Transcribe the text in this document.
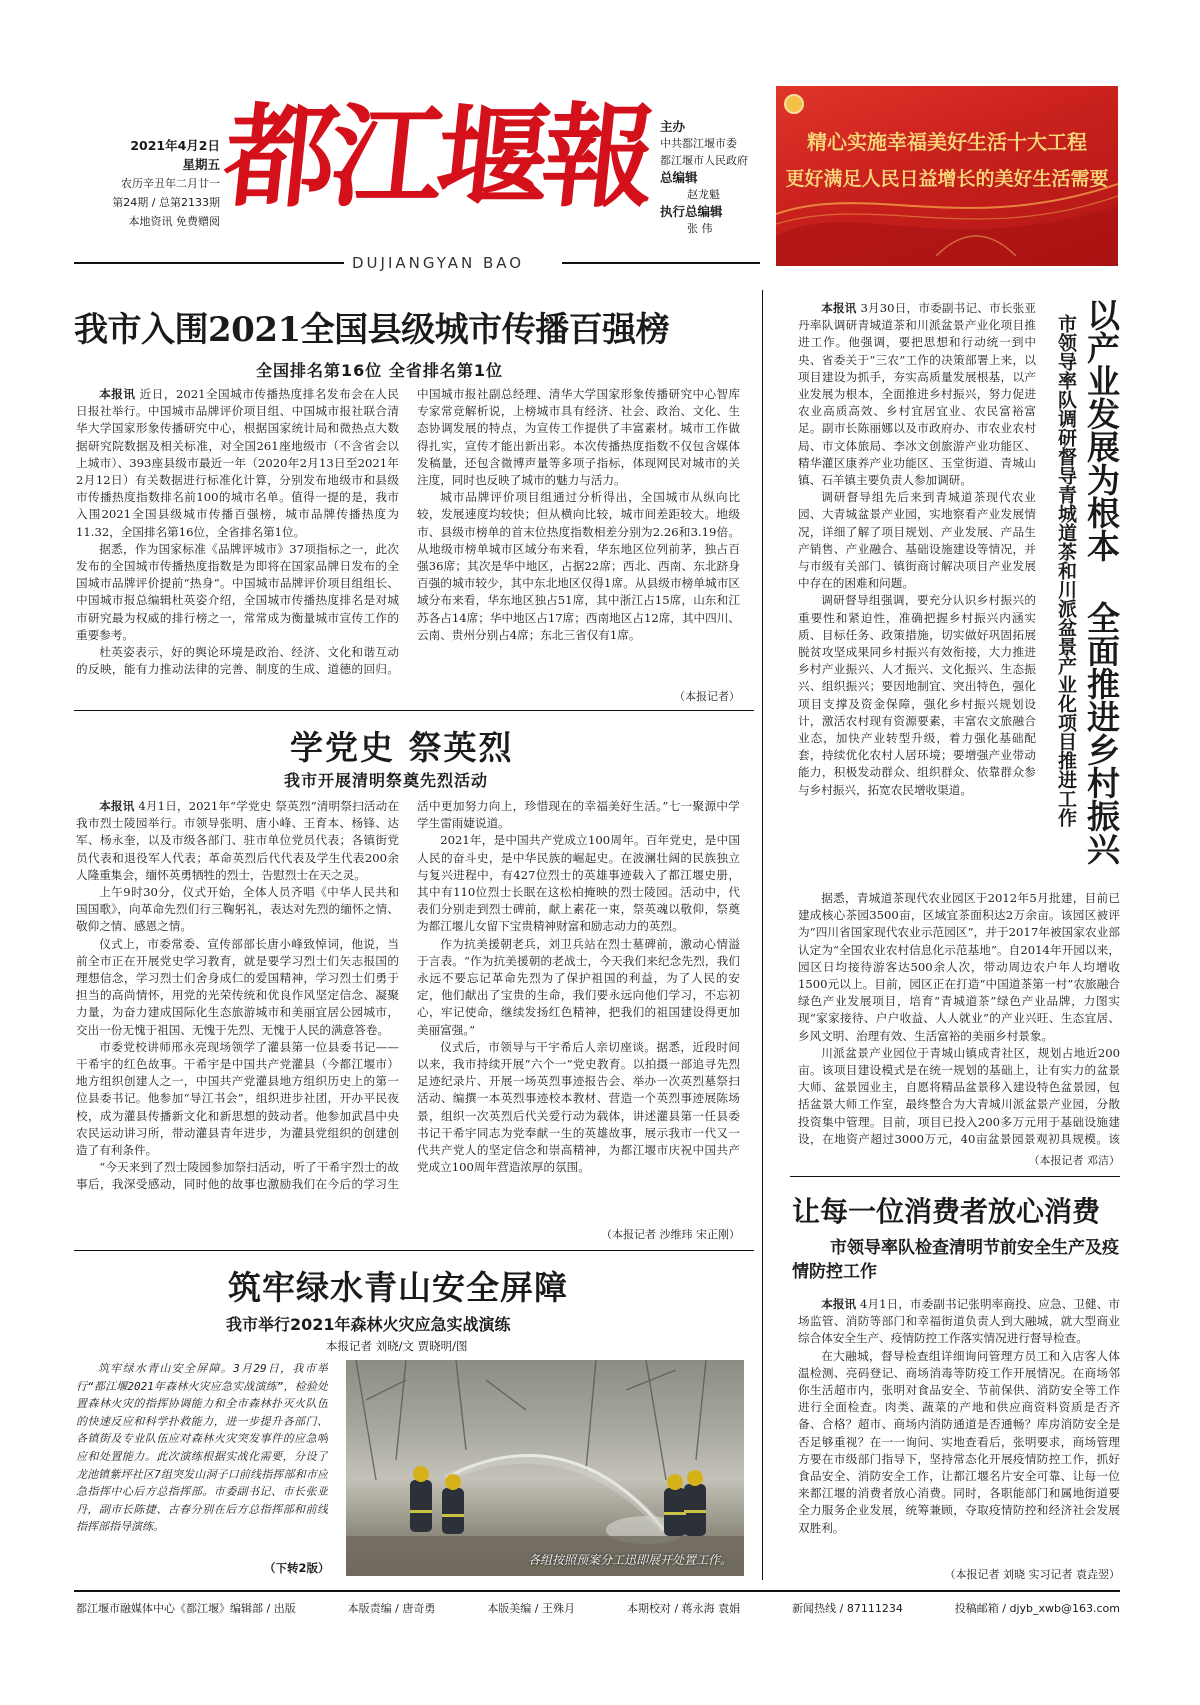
2021年4月2日
星期五
农历辛丑年二月廿一
第24期 / 总第2133期
本地资讯 免费赠阅
都江堰報
DUJIANGYAN BAO
主办
中共都江堰市委
都江堰市人民政府
总编辑
赵龙魁
执行总编辑
张 伟
精心实施幸福美好生活十大工程
更好满足人民日益增长的美好生活需要
我市入围2021全国县级城市传播百强榜
全国排名第16位 全省排名第1位

本报讯 近日，2021全国城市传播热度排名发布会在人民日报社举行。中国城市品牌评价项目组、中国城市报社联合清华大学国家形象传播研究中心，根据国家统计局和微热点大数据研究院数据及相关标准，对全国261座地级市（不含省会以上城市）、393座县级市最近一年（2020年2月13日至2021年2月12日）有关数据进行标准化计算，分别发布地级市和县级市传播热度指数排名前100的城市名单。值得一提的是，我市入围2021全国县级城市传播百强榜，城市品牌传播热度为11.32，全国排名第16位，全省排名第1位。

据悉，作为国家标准《品牌评城市》37项指标之一，此次发布的全国城市传播热度指数是为即将在国家品牌日发布的全国城市品牌评价提前“热身”。中国城市品牌评价项目组组长、中国城市报总编辑杜英姿介绍，全国城市传播热度排名是对城市研究最为权威的排行榜之一，常常成为衡量城市宣传工作的重要参考。

杜英姿表示，好的舆论环境是政治、经济、文化和谐互动的反映，能有力推动法律的完善、制度的生成、道德的回归。中国城市报社副总经理、清华大学国家形象传播研究中心智库专家常竞解析说，上榜城市具有经济、社会、政治、文化、生态协调发展的特点，为宣传工作提供了丰富素材。城市工作做得扎实，宣传才能出新出彩。本次传播热度指数不仅包含媒体发稿量，还包含微博声量等多项子指标，体现网民对城市的关注度，同时也反映了城市的魅力与活力。

城市品牌评价项目组通过分析得出，全国城市从纵向比较，发展速度均较快；但从横向比较，城市间差距较大。地级市、县级市榜单的首末位热度指数相差分别为2.26和3.19倍。从地级市榜单城市区域分布来看，华东地区位列前茅，独占百强36席；其次是华中地区，占据22席；西北、西南、东北跻身百强的城市较少，其中东北地区仅得1席。从县级市榜单城市区域分布来看，华东地区独占51席，其中浙江占15席，山东和江苏各占14席；华中地区占17席；西南地区占12席，其中四川、云南、贵州分别占4席；东北三省仅有1席。

（本报记者）
学党史 祭英烈
我市开展清明祭奠先烈活动

本报讯 4月1日，2021年“学党史 祭英烈”清明祭扫活动在我市烈士陵园举行。市领导张明、唐小峰、王育本、杨锋、达军、杨永奎，以及市级各部门、驻市单位党员代表；各镇街党员代表和退役军人代表；革命英烈后代代表及学生代表200余人隆重集会，缅怀英勇牺牲的烈士，告慰烈士在天之灵。

上午9时30分，仪式开始，全体人员齐唱《中华人民共和国国歌》，向革命先烈们行三鞠躬礼，表达对先烈的缅怀之情、敬仰之情、感恩之情。

仪式上，市委常委、宣传部部长唐小峰致悼词，他说，当前全市正在开展党史学习教育，就是要学习烈士们矢志报国的理想信念，学习烈士们舍身成仁的爱国精神，学习烈士们勇于担当的高尚情怀，用党的光荣传统和优良作风坚定信念、凝聚力量，为奋力建成国际化生态旅游城市和美丽宜居公园城市，交出一份无愧于祖国、无愧于先烈、无愧于人民的满意答卷。

市委党校讲师邢永亮现场领学了灌县第一位县委书记——干希宇的红色故事。干希宇是中国共产党灌县（今都江堰市）地方组织创建人之一，中国共产党灌县地方组织历史上的第一位县委书记。他参加“导江书会”，组织进步社团，开办平民夜校，成为灌县传播新文化和新思想的鼓动者。他参加武昌中央农民运动讲习所，带动灌县青年进步，为灌县党组织的创建创造了有利条件。

“今天来到了烈士陵园参加祭扫活动，听了干希宇烈士的故事后，我深受感动，同时他的故事也激励我们在今后的学习生活中更加努力向上，珍惜现在的幸福美好生活。”七一聚源中学学生雷雨婕说道。

2021年，是中国共产党成立100周年。百年党史，是中国人民的奋斗史，是中华民族的崛起史。在波澜壮阔的民族独立与复兴进程中，有427位烈士的英雄事迹载入了都江堰史册，其中有110位烈士长眠在这松柏掩映的烈士陵园。活动中，代表们分别走到烈士碑前，献上素花一束，祭英魂以敬仰，祭奠为都江堰儿女留下宝贵精神财富和励志动力的英烈。

作为抗美援朝老兵，刘卫兵站在烈士墓碑前，激动心情溢于言表。“作为抗美援朝的老战士，今天我们来纪念先烈，我们永远不要忘记革命先烈为了保护祖国的利益，为了人民的安定，他们献出了宝贵的生命，我们要永远向他们学习，不忘初心，牢记使命，继续发扬红色精神，把我们的祖国建设得更加美丽富强。”

仪式后，市领导与干宇希后人亲切座谈。据悉，近段时间以来，我市持续开展“六个一”党史教育。以拍摄一部追寻先烈足迹纪录片、开展一场英烈事迹报告会、举办一次英烈墓祭扫活动、编撰一本英烈事迹校本教材、营造一个英烈事迹展陈场景，组织一次英烈后代关爱行动为载体，讲述灌县第一任县委书记干希宇同志为党奉献一生的英雄故事，展示我市一代又一代共产党人的坚定信念和崇高精神，为都江堰市庆祝中国共产党成立100周年营造浓厚的氛围。

（本报记者 沙维玮 宋正刚）
筑牢绿水青山安全屏障
我市举行2021年森林火灾应急实战演练
本报记者 刘晓/文 贾晓明/图

筑牢绿水青山安全屏障。3月29日，我市举行“都江堰2021年森林火灾应急实战演练”，检验处置森林火灾的指挥协调能力和全市森林扑灭火队伍的快速反应和科学扑救能力，进一步提升各部门、各镇街及专业队伍应对森林火灾突发事件的应急响应和处置能力。此次演练根据实战化需要，分设了龙池镇紫坪社区7组突发山洞子口前线指挥部和市应急指挥中心后方总指挥部。市委副书记、市长张亚丹，副市长陈捷、古春分别在后方总指挥部和前线指挥部指导演练。

（下转2版）
各组按照预案分工迅即展开处置工作。
以产业发展为根本 全面推进乡村振兴
市领导率队调研督导青城道茶和川派盆景产业化项目推进工作

本报讯 3月30日，市委副书记、市长张亚丹率队调研青城道茶和川派盆景产业化项目推进工作。他强调，要把思想和行动统一到中央、省委关于“三农”工作的决策部署上来，以项目建设为抓手，夯实高质量发展根基，以产业发展为根本，全面推进乡村振兴，努力促进农业高质高效、乡村宜居宜业、农民富裕富足。副市长陈丽娜以及市政府办、市农业农村局、市文体旅局、李冰文创旅游产业功能区、精华灌区康养产业功能区、玉堂街道、青城山镇、石羊镇主要负责人参加调研。

调研督导组先后来到青城道茶现代农业园、大青城盆景产业园，实地察看产业发展情况，详细了解了项目规划、产业发展、产品生产销售、产业融合、基础设施建设等情况，并与市级有关部门、镇街商讨解决项目产业发展中存在的困难和问题。

调研督导组强调，要充分认识乡村振兴的重要性和紧迫性，准确把握乡村振兴内涵实质、目标任务、政策措施，切实做好巩固拓展脱贫攻坚成果同乡村振兴有效衔接，大力推进乡村产业振兴、人才振兴、文化振兴、生态振兴、组织振兴；要因地制宜、突出特色，强化项目支撑及资金保障，强化乡村振兴规划设计，激活农村现有资源要素，丰富农文旅融合业态，加快产业转型升级，着力强化基础配套，持续优化农村人居环境；要增强产业带动能力，积极发动群众、组织群众、依靠群众参与乡村振兴，拓宽农民增收渠道。

据悉，青城道茶现代农业园区于2012年5月批建，目前已建成核心茶园3500亩，区域宜茶面积达2万余亩。该园区被评为“四川省国家现代农业示范园区”，并于2017年被国家农业部认定为“全国农业农村信息化示范基地”。自2014年开园以来，园区日均接待游客达500余人次，带动周边农户年人均增收1500元以上。目前，园区正在打造“中国道茶第一村”农旅融合绿色产业发展项目，培育“青城道茶”绿色产业品牌，力图实现“家家接待、户户收益、人人就业”的产业兴旺、生态宜居、乡风文明、治理有效、生活富裕的美丽乡村景象。

川派盆景产业园位于青城山镇成青社区，规划占地近200亩。该项目建设模式是在统一规划的基础上，让有实力的盆景大师、盆景园业主，自愿将精品盆景移入建设特色盆景园，包括盆景大师工作室，最终整合为大青城川派盆景产业园，分散投资集中管理。目前，项目已投入200多万元用于基础设施建设，在地资产超过3000万元，40亩盆景园景观初具规模。该

（本报记者 邓洁）
让每一位消费者放心消费
市领导率队检查清明节前安全生产及疫情防控工作

本报讯 4月1日，市委副书记张明率商投、应急、卫健、市场监管、消防等部门和幸福街道负责人到大融城，就大型商业综合体安全生产、疫情防控工作落实情况进行督导检查。

在大融城，督导检查组详细询问管理方员工和入店客人体温检测、亮码登记、商场消毒等防疫工作开展情况。在商场邻你生活超市内，张明对食品安全、节前保供、消防安全等工作进行全面检查。肉类、蔬菜的产地和供应商资料资质是否齐备、合格？超市、商场内消防通道是否通畅？库房消防安全是否足够重视？在一一询问、实地查看后，张明要求，商场管理方要在市级部门指导下，坚持常态化开展疫情防控工作，抓好食品安全、消防安全工作，让都江堰名片安全可靠、让每一位来都江堰的消费者放心消费。同时，各职能部门和属地街道要全力服务企业发展，统筹兼顾，夺取疫情防控和经济社会发展双胜利。

（本报记者 刘晓 实习记者 袁垚翌）
都江堰市融媒体中心《都江堰》编辑部 / 出版	本版责编 / 唐奇勇	本版美编 / 王殊月	本期校对 / 蒋永海 袁娟	新闻热线 / 87111234	投稿邮箱 / djyb_xwb@163.com
